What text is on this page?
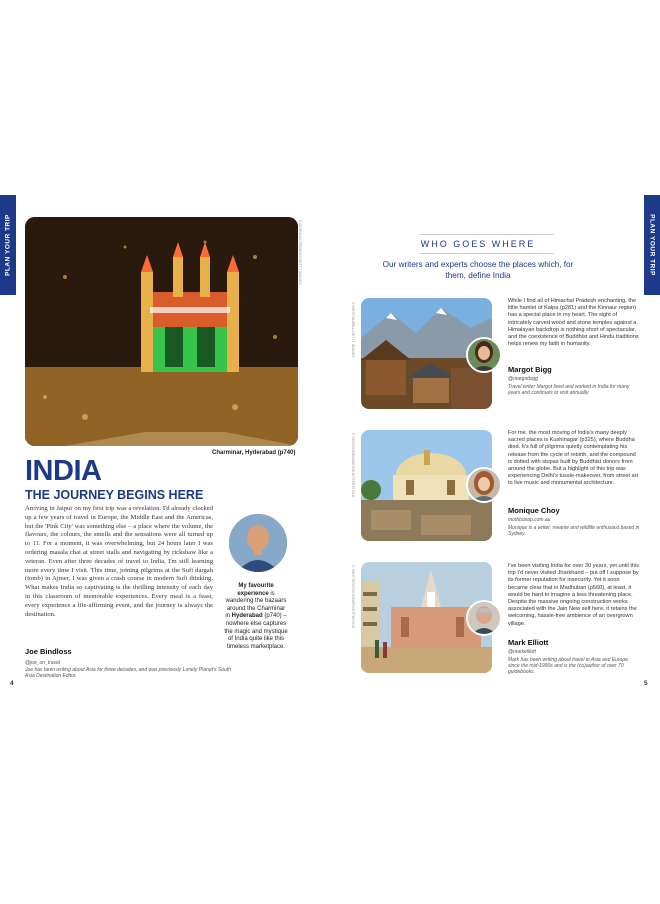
PLAN YOUR TRIP	PLAN YOUR TRIP
© DOUGLAS PEEBLES/GETTY IMAGES
Charminar, Hyderabad (p740)
INDIA
THE JOURNEY BEGINS HERE
Arriving in Jaipur on my first trip was a revelation. I'd already clocked up a few years of travel in Europe, the Middle East and the Americas, but the 'Pink City' was something else – a place where the volume, the flavours, the colours, the smells and the sensations were all turned up to 11. For a moment, it was overwhelming, but 24 hours later I was ordering masala chai at street stalls and navigating by rickshaw like a veteran. Even after three decades of travel to India, I'm still learning more every time I visit. This time, joining pilgrims at the Sufi dargah (tomb) in Ajmer, I was given a crash course in modern Sufi thinking. What makes India so captivating is the thrilling intensity of each day in this classroom of memorable experiences. Every meal is a feast, every experience a life-affirming event, and the journey is always the destination.
Joe Bindloss
@joe_on_travel
Joe has been writing about Asia for three decades, and was previously Lonely Planet's South Asia Destination Editor.
My favourite experience is wandering the bazaars around the Charminar in Hyderabad (p740) – nowhere else captures the magic and mystique of India quite like this timeless marketplace.
4
WHO GOES WHERE
Our writers and experts choose the places which, for them, define India
© KRISTIANBELL/GETTY IMAGES
While I find all of Himachal Pradesh enchanting, the little hamlet of Kalpa (p281) and the Kinnaur region) has a special place in my heart. The sight of intricately carved wood and stone temples against a Himalayan backdrop is nothing short of spectacular, and the coexistence of Buddhist and Hindu traditions helps renew my faith in humanity.
Margot Bigg
@margotbigg
Travel writer Margot lived and worked in India for many years and continues to visit annually.
© SKATONEEMAGES/SHUTTERSTOCK	For me, the most moving of India's many deeply sacred places is Kushinagar (p325), where Buddha died. It's full of pilgrims quietly contemplating his release from the cycle of rebirth, and the compound is dotted with stupas built by Buddhist donors from around the globe. But a highlight of this trip was experiencing Delhi's tussle-makeover, from street art to live music and monumental architecture.
Monique Choy
mothboxap.com.au
Monique is a writer, meanie and wildlife enthusiast based in Sydney.
© SHUTTERSTOCK/DEPOSITPHOTOS	I've been visiting India for over 30 years, yet until this trip I'd never visited Jharkhand – put off I suppose by its former reputation for insecurity. Yet it soon became clear that in Madhuban (p560), at least, it would be hard to imagine a less threatening place. Despite the massive ongoing construction works associated with the Jain New self here, it retains the welcoming, hassle-free ambience of an overgrown village.
Mark Elliott
@markelliott
Mark has been writing about travel in Asia and Europe since the mid-1990s and is the (co)author of over 70 guidebooks.
5
